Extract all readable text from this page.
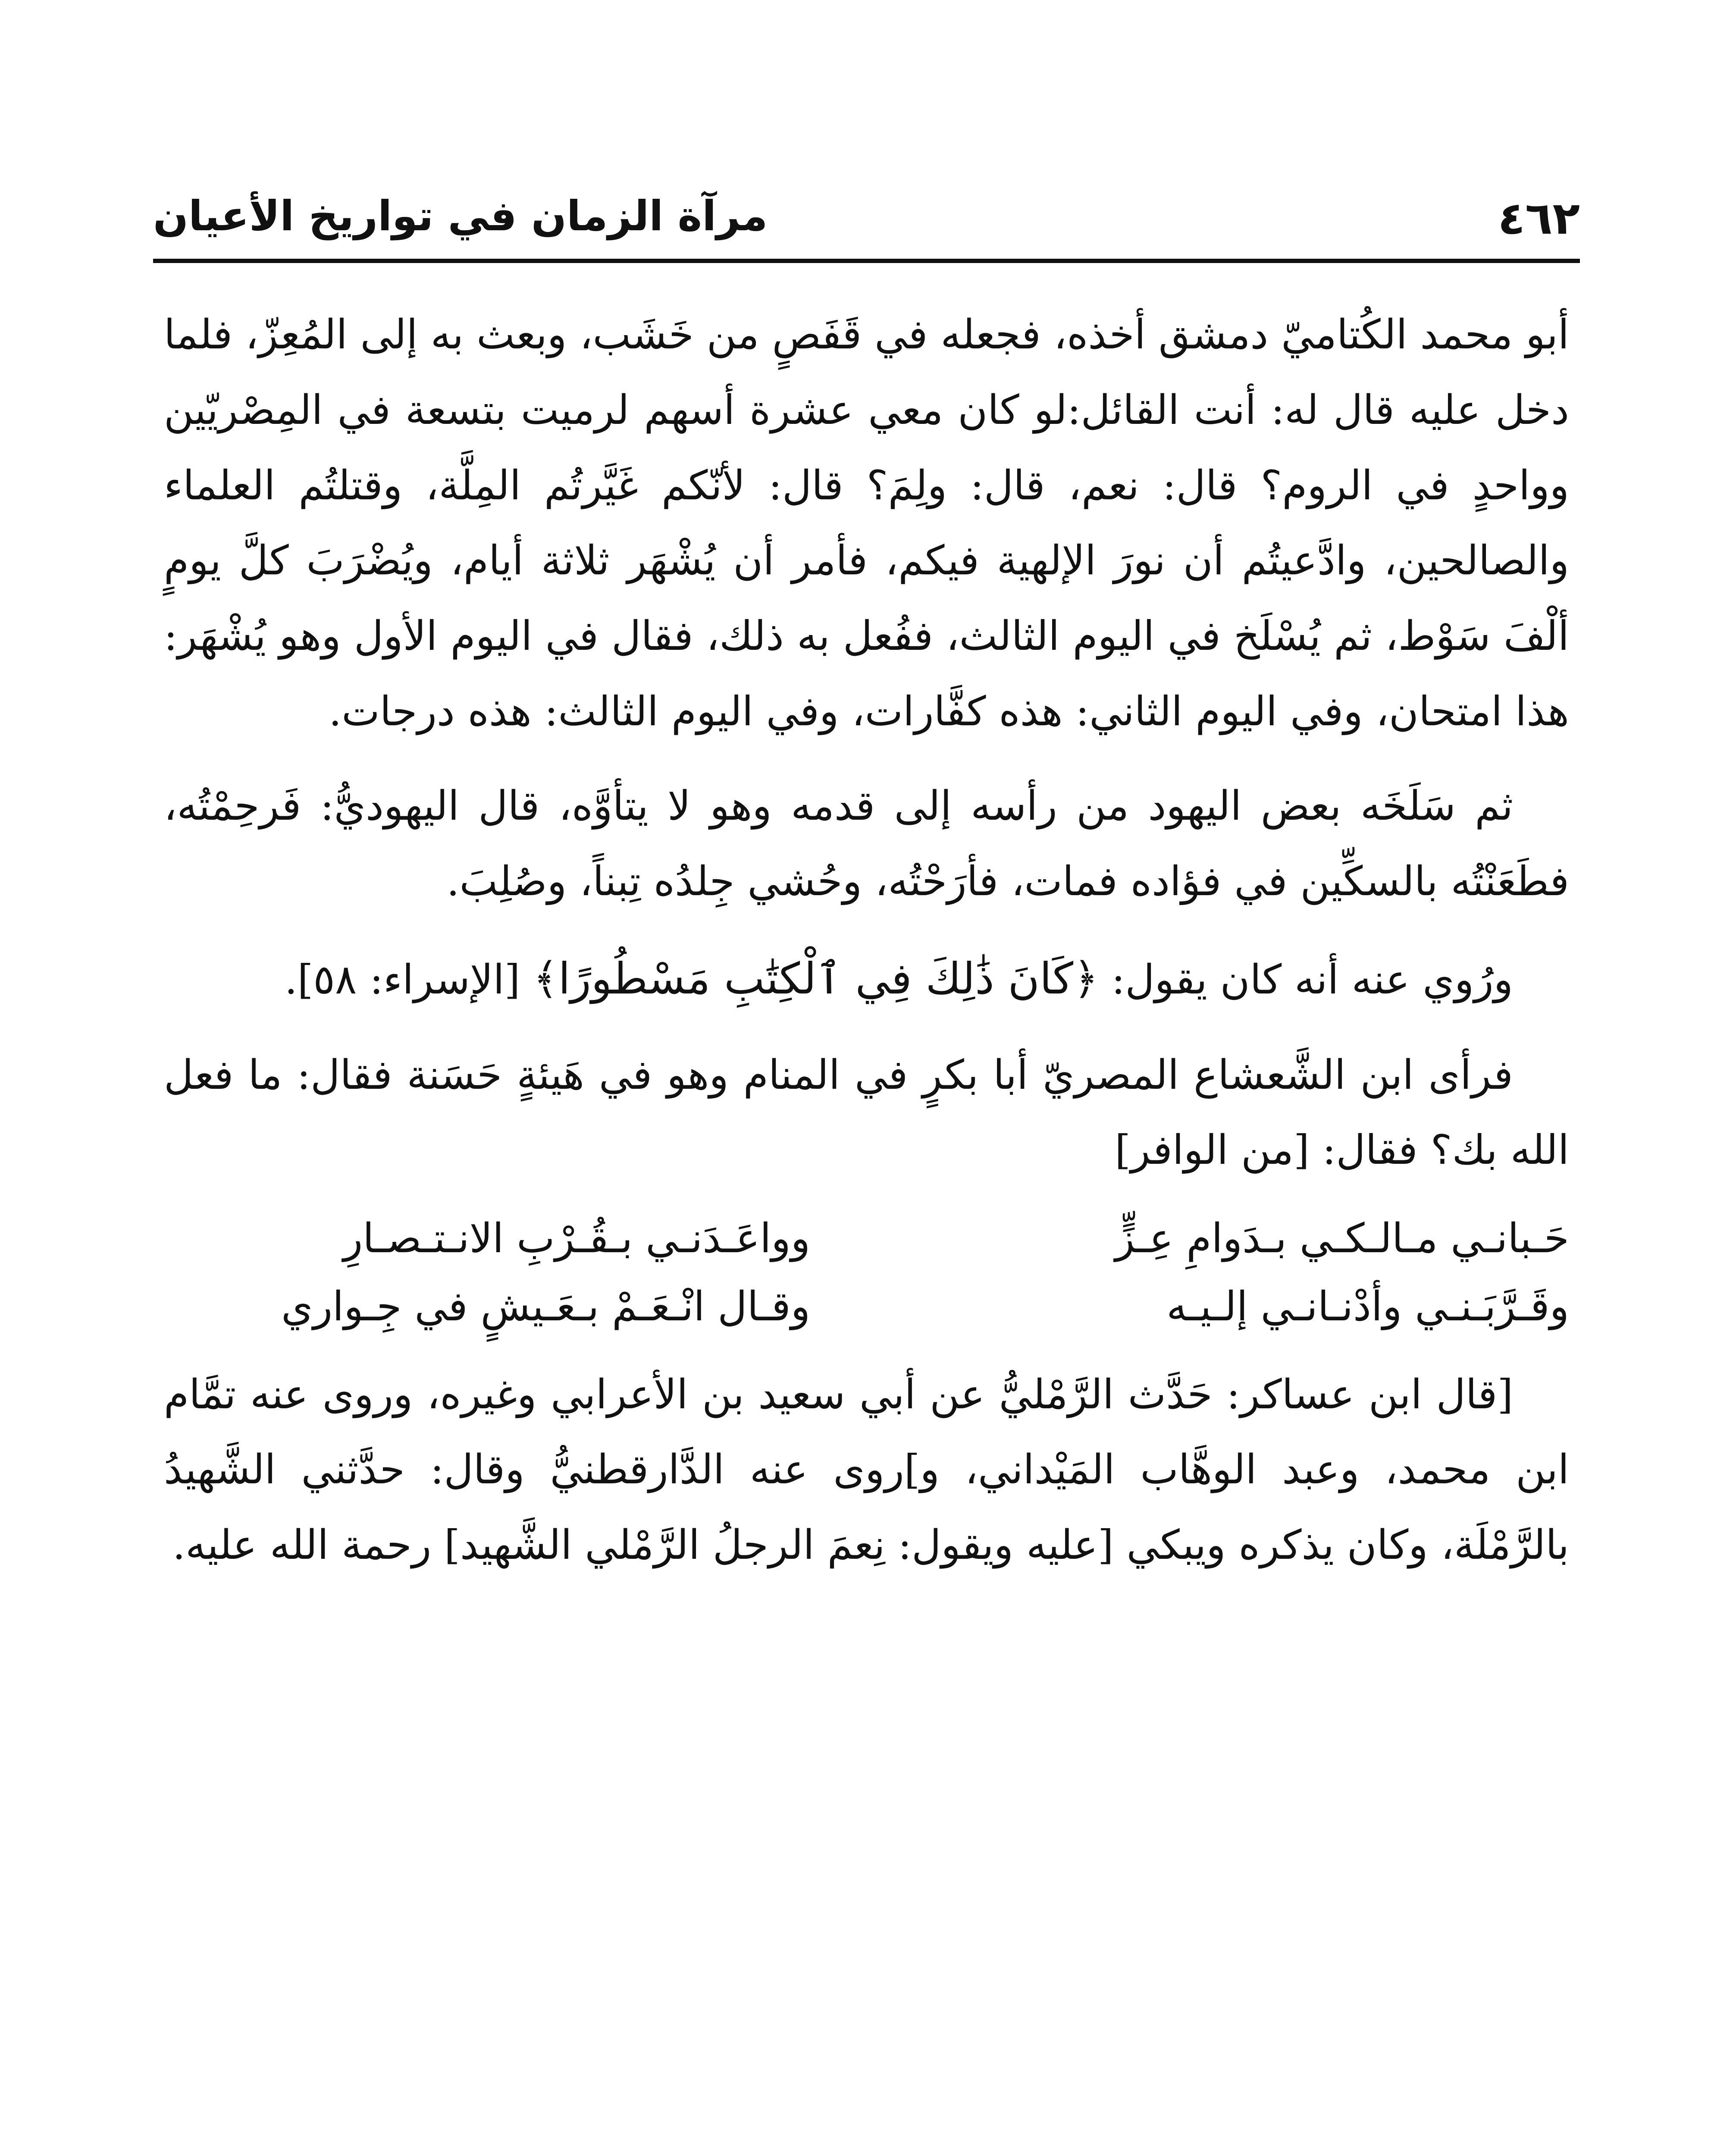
٤٦٢
مرآة الزمان في تواريخ الأعيان

أبو محمد الكُتاميّ دمشق أخذه، فجعله في قَفَصٍ من خَشَب، وبعث به إلى المُعِزّ، فلما دخل عليه قال له: أنت القائل:لو كان معي عشرة أسهم لرميت بتسعة في المِصْريّين وواحدٍ في الروم؟ قال: نعم، قال: ولِمَ؟ قال: لأنّكم غَيَّرتُم المِلَّة، وقتلتُم العلماء والصالحين، وادَّعيتُم أن نورَ الإلهية فيكم، فأمر أن يُشْهَر ثلاثة أيام، ويُضْرَبَ كلَّ يومٍ ألْفَ سَوْط، ثم يُسْلَخ في اليوم الثالث، ففُعل به ذلك، فقال في اليوم الأول وهو يُشْهَر: هذا امتحان، وفي اليوم الثاني: هذه كفَّارات، وفي اليوم الثالث: هذه درجات.

ثم سَلَخَه بعض اليهود من رأسه إلى قدمه وهو لا يتأوَّه، قال اليهوديُّ: فَرحِمْتُه، فطَعَنْتُه بالسكِّين في فؤاده فمات، فأرَحْتُه، وحُشي جِلدُه تِبناً، وصُلِبَ.

ورُوي عنه أنه كان يقول: ﴿كَانَ ذَٰلِكَ فِي ٱلْكِتَٰبِ مَسْطُورًا﴾ [الإسراء: ٥٨].

فرأى ابن الشَّعشاع المصريّ أبا بكرٍ في المنام وهو في هَيئةٍ حَسَنة فقال: ما فعل الله بك؟ فقال: [من الوافر]

حَـبانـي مـالـكـي بـدَوامِ عِـزٍّ
وواعَـدَنـي بـقُـرْبِ الانـتـصـارِ
وقَـرَّبَـنـي وأدْنـانـي إلـيـه
وقـال انْـعَـمْ بـعَـيشٍ في جِـواري

[قال ابن عساكر: حَدَّث الرَّمْليُّ عن أبي سعيد بن الأعرابي وغيره، وروى عنه تمَّام ابن محمد، وعبد الوهَّاب المَيْداني، و]روى عنه الدَّارقطنيُّ وقال: حدَّثني الشَّهيدُ بالرَّمْلَة، وكان يذكره ويبكي [عليه ويقول: نِعمَ الرجلُ الرَّمْلي الشَّهيد] رحمة الله عليه.
